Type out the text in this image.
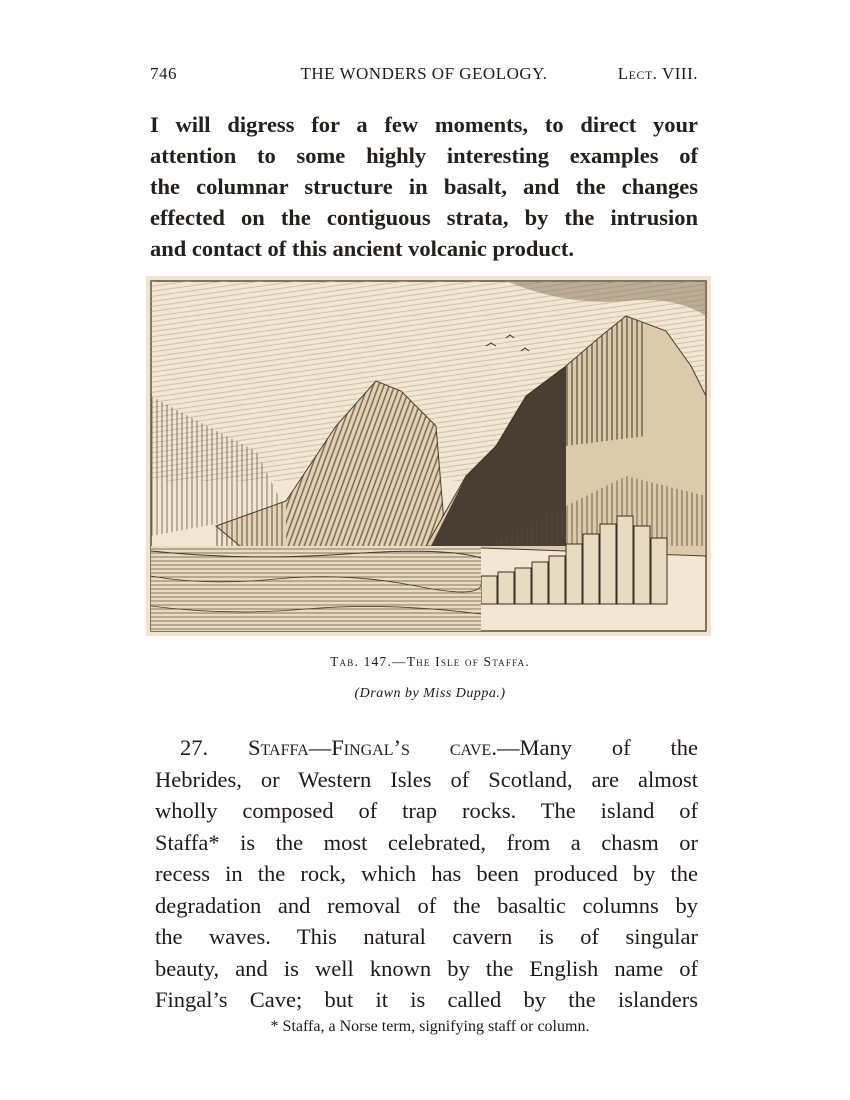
746	THE WONDERS OF GEOLOGY.	Lect. VIII.
I will digress for a few moments, to direct your
attention to some highly interesting examples of
the columnar structure in basalt, and the changes
effected on the contiguous strata, by the intrusion
and contact of this ancient volcanic product.
Tab. 147.—The Isle of Staffa.
(Drawn by Miss Duppa.)
27. Staffa—Fingal’s cave.—Many of the
Hebrides, or Western Isles of Scotland, are almost
wholly composed of trap rocks. The island of
Staffa* is the most celebrated, from a chasm or
recess in the rock, which has been produced by the
degradation and removal of the basaltic columns by
the waves. This natural cavern is of singular
beauty, and is well known by the English name of
Fingal’s Cave; but it is called by the islanders
* Staffa, a Norse term, signifying staff or column.
